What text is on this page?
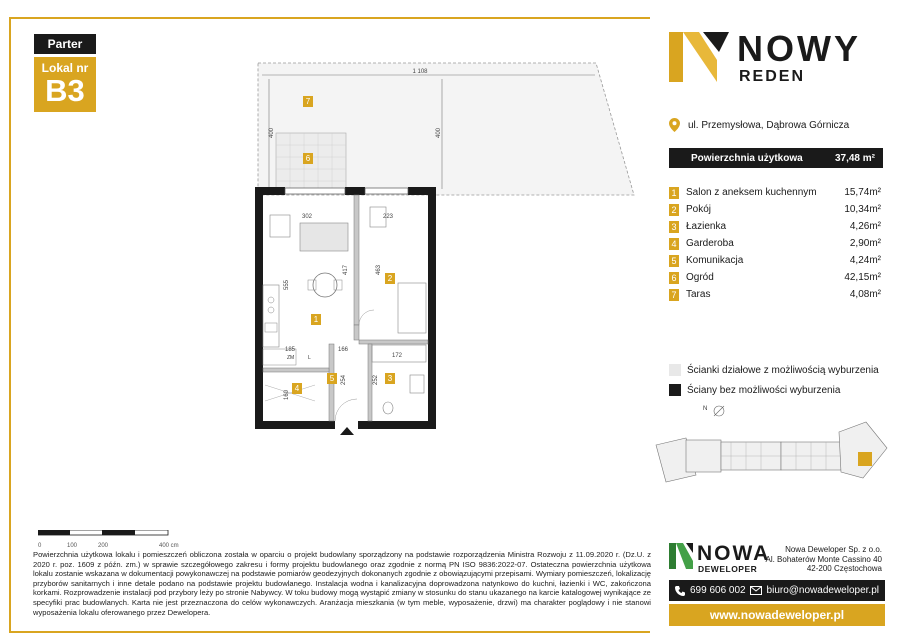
Parter
Lokal nr
B3
1 108
400	400
ZM	L
302	223
555
417	463
185	166
172
254	252
160
1
2
3
4
5
6
7
0	100	200	400 cm

Powierzchnia użytkowa lokalu i pomieszczeń obliczona została w oparciu o projekt budowlany sporządzony na podstawie rozporządzenia Ministra Rozwoju z 11.09.2020 r. (Dz.U. z 2020 r. poz. 1609 z późn. zm.) w sprawie szczegółowego zakresu i formy projektu budowlanego oraz zgodnie z normą PN ISO 9836:2022-07. Ostateczna powierzchnia użytkowa lokalu zostanie wskazana w dokumentacji powykonawczej na podstawie pomiarów geodezyjnych dokonanych zgodnie z obowiązującymi przepisami. Wymiary pomieszczeń, lokalizację przyborów sanitarnych i inne detale podano na podstawie projektu budowlanego. Instalacja wodna i kanalizacyjna doprowadzona natynkowo do kuchni, łazienki i WC, zakończona korkami. Rozprowadzenie instalacji pod przybory leży po stronie Nabywcy. W toku budowy mogą wystąpić zmiany w stosunku do stanu ukazanego na karcie katalogowej wynikające ze specyfiki prac budowlanych. Karta nie jest przeznaczona do celów wykonawczych. Aranżacja mieszkania (w tym meble, wyposażenie, drzwi) ma charakter poglądowy i nie stanowi wyposażenia lokalu oferowanego przez Dewelopera.

NOWY
REDEN
ul. Przemysłowa, Dąbrowa Górnicza
Powierzchnia użytkowa	37,48 m²
1 Salon z aneksem kuchennym	15,74m²
2 Pokój	10,34m²
3 Łazienka	4,26m²
4 Garderoba	2,90m²
5 Komunikacja	4,24m²
6 Ogród	42,15m²
7 Taras	4,08m²
Ścianki działowe z możliwością wyburzenia
Ściany bez możliwości wyburzenia
N
NOWA
DEWELOPER
Nowa Deweloper Sp. z o.o.
Al. Bohaterów Monte Cassino 40
42-200 Częstochowa
699 606 002 biuro@nowadeweloper.pl
www.nowadeweloper.pl
